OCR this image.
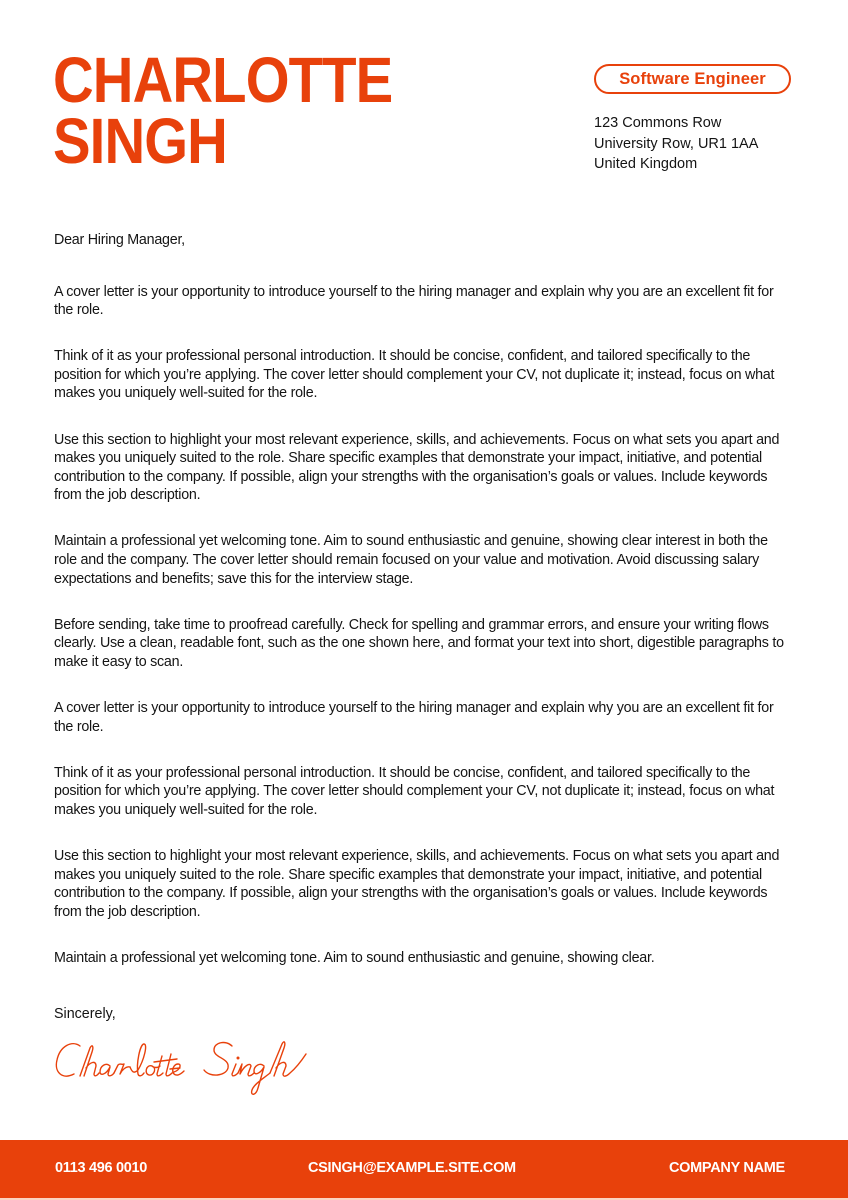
CHARLOTTE
SINGH
Software Engineer
123 Commons Row
University Row, UR1 1AA
United Kingdom

Dear Hiring Manager,

A cover letter is your opportunity to introduce yourself to the hiring manager and explain why you are an excellent fit for the role.

Think of it as your professional personal introduction. It should be concise, confident, and tailored specifically to the position for which you’re applying. The cover letter should complement your CV, not duplicate it; instead, focus on what makes you uniquely well-suited for the role.

Use this section to highlight your most relevant experience, skills, and achievements. Focus on what sets you apart and makes you uniquely suited to the role. Share specific examples that demonstrate your impact, initiative, and potential contribution to the company. If possible, align your strengths with the organisation’s goals or values. Include keywords from the job description.

Maintain a professional yet welcoming tone. Aim to sound enthusiastic and genuine, showing clear interest in both the role and the company. The cover letter should remain focused on your value and motivation. Avoid discussing salary expectations and benefits; save this for the interview stage.

Before sending, take time to proofread carefully. Check for spelling and grammar errors, and ensure your writing flows clearly. Use a clean, readable font, such as the one shown here, and format your text into short, digestible paragraphs to make it easy to scan.

A cover letter is your opportunity to introduce yourself to the hiring manager and explain why you are an excellent fit for the role.

Think of it as your professional personal introduction. It should be concise, confident, and tailored specifically to the position for which you’re applying. The cover letter should complement your CV, not duplicate it; instead, focus on what makes you uniquely well-suited for the role.

Use this section to highlight your most relevant experience, skills, and achievements. Focus on what sets you apart and makes you uniquely suited to the role. Share specific examples that demonstrate your impact, initiative, and potential contribution to the company. If possible, align your strengths with the organisation’s goals or values. Include keywords from the job description.

Maintain a professional yet welcoming tone. Aim to sound enthusiastic and genuine, showing clear.

Sincerely,
0113 496 0010	CSINGH@EXAMPLE.SITE.COM	COMPANY NAME
